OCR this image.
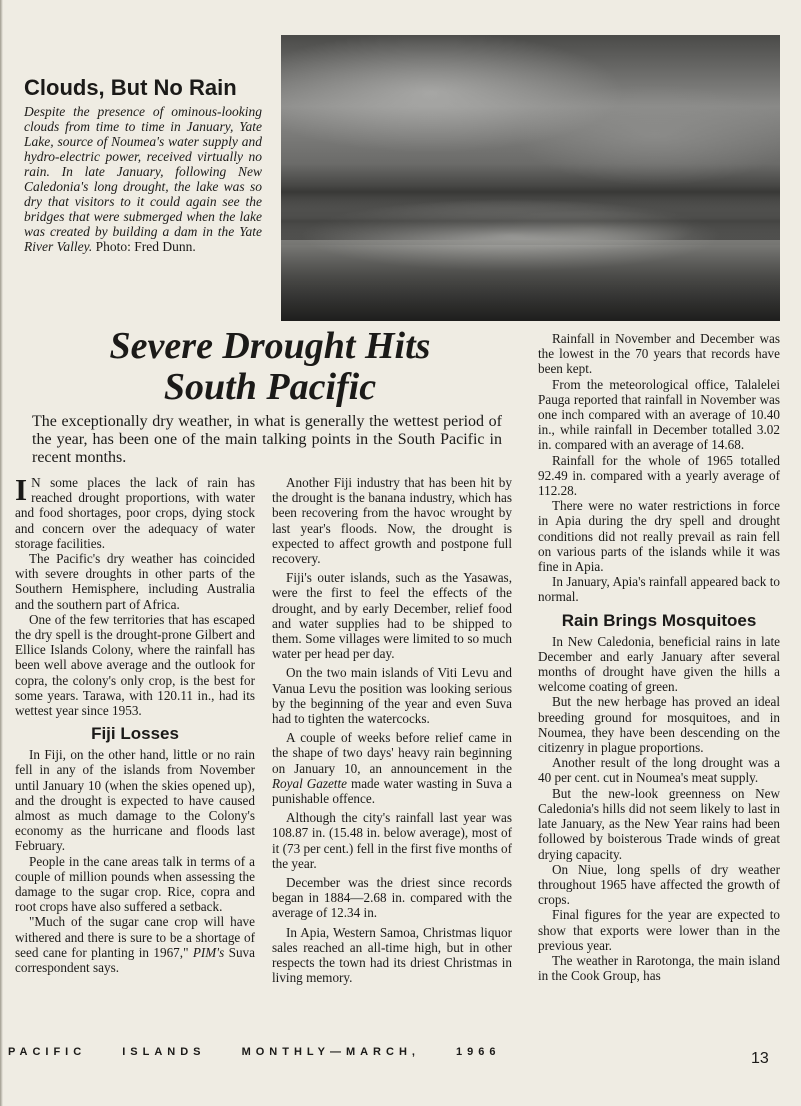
Clouds, But No Rain
Despite the presence of ominous-looking clouds from time to time in January, Yate Lake, source of Noumea's water supply and hydro-electric power, received virtually no rain. In late January, following New Caledonia's long drought, the lake was so dry that visitors to it could again see the bridges that were submerged when the lake was created by building a dam in the Yate River Valley. Photo: Fred Dunn.
Severe Drought Hits
South Pacific
The exceptionally dry weather, in what is generally the wettest period of the year, has been one of the main talking points in the South Pacific in recent months.

I N some places the lack of rain has reached drought proportions, with water and food shortages, poor crops, dying stock and concern over the adequacy of water storage facilities.

The Pacific's dry weather has coincided with severe droughts in other parts of the Southern Hemisphere, including Australia and the southern part of Africa.

One of the few territories that has escaped the dry spell is the drought-prone Gilbert and Ellice Islands Colony, where the rainfall has been well above average and the outlook for copra, the colony's only crop, is the best for some years. Tarawa, with 120.11 in., had its wettest year since 1953.

Fiji Losses

In Fiji, on the other hand, little or no rain fell in any of the islands from November until January 10 (when the skies opened up), and the drought is expected to have caused almost as much damage to the Colony's economy as the hurricane and floods last February.

People in the cane areas talk in terms of a couple of million pounds when assessing the damage to the sugar crop. Rice, copra and root crops have also suffered a setback.

"Much of the sugar cane crop will have withered and there is sure to be a shortage of seed cane for planting in 1967," PIM's Suva correspondent says.

Another Fiji industry that has been hit by the drought is the banana industry, which has been recovering from the havoc wrought by last year's floods. Now, the drought is expected to affect growth and postpone full recovery.

Fiji's outer islands, such as the Yasawas, were the first to feel the effects of the drought, and by early December, relief food and water supplies had to be shipped to them. Some villages were limited to so much water per head per day.

On the two main islands of Viti Levu and Vanua Levu the position was looking serious by the beginning of the year and even Suva had to tighten the watercocks.

A couple of weeks before relief came in the shape of two days' heavy rain beginning on January 10, an announcement in the Royal Gazette made water wasting in Suva a punishable offence.

Although the city's rainfall last year was 108.87 in. (15.48 in. below average), most of it (73 per cent.) fell in the first five months of the year.

December was the driest since records began in 1884—2.68 in. compared with the average of 12.34 in.

In Apia, Western Samoa, Christmas liquor sales reached an all-time high, but in other respects the town had its driest Christmas in living memory.

Rainfall in November and December was the lowest in the 70 years that records have been kept.

From the meteorological office, Talalelei Pauga reported that rainfall in November was one inch compared with an average of 10.40 in., while rainfall in December totalled 3.02 in. compared with an average of 14.68.

Rainfall for the whole of 1965 totalled 92.49 in. compared with a yearly average of 112.28.

There were no water restrictions in force in Apia during the dry spell and drought conditions did not really prevail as rain fell on various parts of the islands while it was fine in Apia.

In January, Apia's rainfall appeared back to normal.

Rain Brings Mosquitoes

In New Caledonia, beneficial rains in late December and early January after several months of drought have given the hills a welcome coating of green.

But the new herbage has proved an ideal breeding ground for mosquitoes, and in Noumea, they have been descending on the citizenry in plague proportions.

Another result of the long drought was a 40 per cent. cut in Noumea's meat supply.

But the new-look greenness on New Caledonia's hills did not seem likely to last in late January, as the New Year rains had been followed by boisterous Trade winds of great drying capacity.

On Niue, long spells of dry weather throughout 1965 have affected the growth of crops.

Final figures for the year are expected to show that exports were lower than in the previous year.

The weather in Rarotonga, the main island in the Cook Group, has

PACIFIC ISLANDS MONTHLY—MARCH, 1966	13
